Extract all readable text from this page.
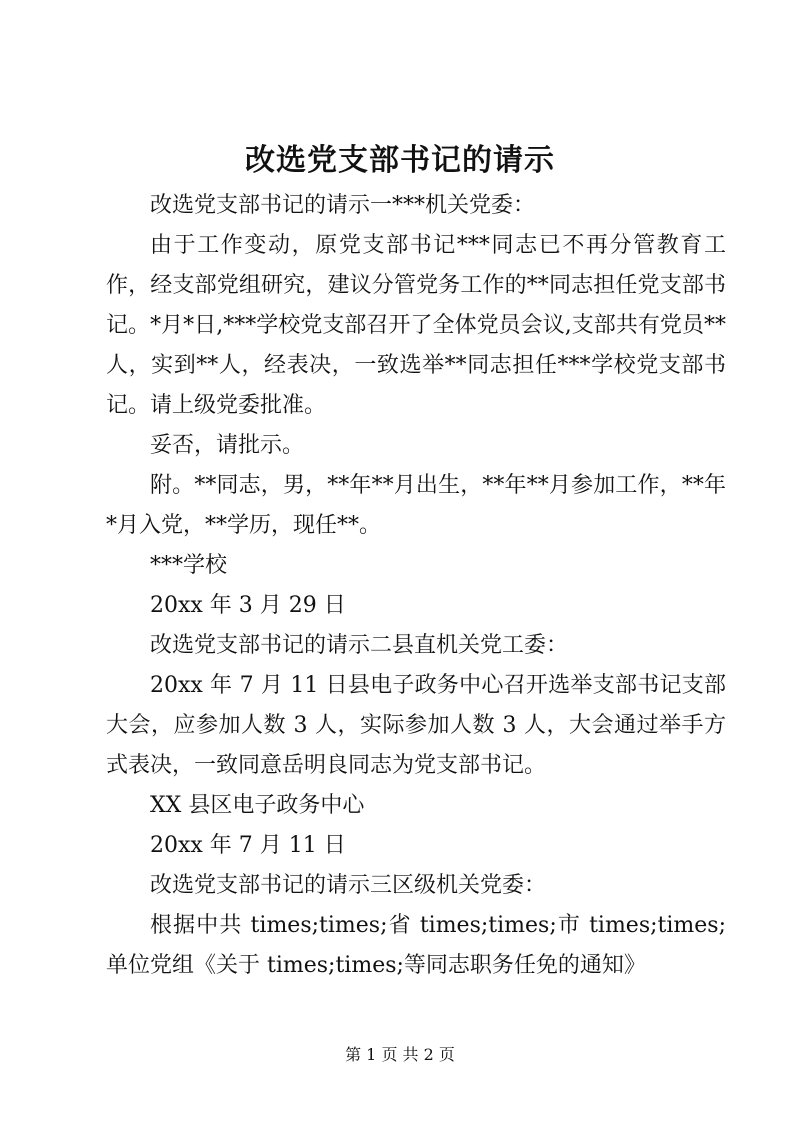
改选党支部书记的请示

改选党支部书记的请示一***机关党委：

由于工作变动，原党支部书记***同志已不再分管教育工作，经支部党组研究，建议分管党务工作的**同志担任党支部书记。*月*日,***学校党支部召开了全体党员会议,支部共有党员**人，实到**人，经表决，一致选举**同志担任***学校党支部书记。请上级党委批准。

妥否，请批示。

附。**同志，男，**年**月出生，**年**月参加工作，**年*月入党，**学历，现任**。

***学校

20xx 年 3 月 29 日

改选党支部书记的请示二县直机关党工委：

20xx 年 7 月 11 日县电子政务中心召开选举支部书记支部大会，应参加人数 3 人，实际参加人数 3 人，大会通过举手方式表决，一致同意岳明良同志为党支部书记。

XX 县区电子政务中心

20xx 年 7 月 11 日

改选党支部书记的请示三区级机关党委：

根据中共 times;times;省 times;times;市 times;times;单位党组《关于 times;times;等同志职务任免的通知》

第 1 页 共 2 页
